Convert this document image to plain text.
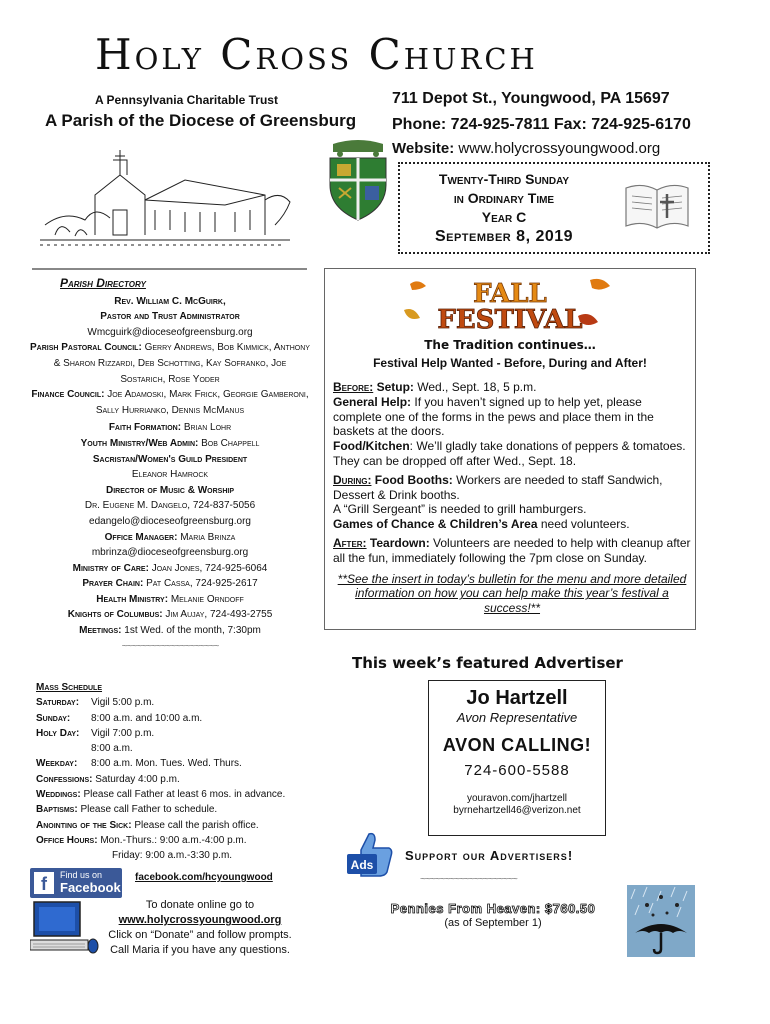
Holy Cross Church
A Pennsylvania Charitable Trust
A Parish of the Diocese of Greensburg
711 Depot St., Youngwood, PA 15697
Phone: 724-925-7811 Fax: 724-925-6170
Website: www.holycrossyoungwood.org
Twenty-Third Sunday
in Ordinary Time
Year C
September 8, 2019
Parish Directory
Rev. William C. McGuirk,
Pastor and Trust Administrator
Wmcguirk@dioceseofgreensburg.org
Parish Pastoral Council: Gerry Andrews, Bob Kimmick, Anthony & Sharon Rizzardi, Deb Schotting, Kay Sofranko, Joe Sostarich, Rose Yoder
Finance Council: Joe Adamoski, Mark Frick, Georgie Gamberoni, Sally Hurrianko, Dennis McManus
Faith Formation: Brian Lohr
Youth Ministry/Web Admin: Bob Chappell
Sacristan/Women's Guild President
Eleanor Hamrock
Director of Music & Worship
Dr. Eugene M. Dangelo, 724-837-5056
edangelo@dioceseofgreensburg.org
Office Manager: Maria Brinza
mbrinza@dioceseofgreensburg.org
Ministry of Care: Joan Jones, 724-925-6064
Prayer Chain: Pat Cassa, 724-925-2617
Health Ministry: Melanie Orndoff
Knights of Columbus: Jim Aujay, 724-493-2755
Meetings: 1st Wed. of the month, 7:30pm
~~~~~~~~~~~~~~~~~~~~
Mass Schedule
Saturday:	Vigil 5:00 p.m.
Sunday:	8:00 a.m. and 10:00 a.m.
Holy Day:	Vigil 7:00 p.m.
8:00 a.m.
Weekday:	8:00 a.m. Mon. Tues. Wed. Thurs.
Confessions: Saturday 4:00 p.m.
Weddings: Please call Father at least 6 mos. in advance.
Baptisms: Please call Father to schedule.
Anointing of the Sick: Please call the parish office.
Office Hours: Mon.-Thurs.: 9:00 a.m.-4:00 p.m.
Friday: 9:00 a.m.-3:30 p.m.
f	Find us on
Facebook
facebook.com/hcyoungwood
To donate online go to
www.holycrossyoungwood.org
Click on “Donate” and follow prompts.
Call Maria if you have any questions.
FALL
FESTIVAL
The Tradition continues…
Festival Help Wanted - Before, During and After!

Before: Setup: Wed., Sept. 18, 5 p.m.
General Help: If you haven’t signed up to help yet, please complete one of the forms in the pews and place them in the baskets at the doors.
Food/Kitchen: We’ll gladly take donations of peppers & tomatoes. They can be dropped off after Wed., Sept. 18.

During: Food Booths: Workers are needed to staff Sandwich, Dessert & Drink booths.
A “Grill Sergeant” is needed to grill hamburgers.
Games of Chance & Children’s Area need volunteers.

After: Teardown: Volunteers are needed to help with cleanup after all the fun, immediately following the 7pm close on Sunday.

**See the insert in today’s bulletin for the menu and more detailed information on how you can help make this year’s festival a success!**

This week’s featured Advertiser
Jo Hartzell
Avon Representative
AVON CALLING!
724-600-5588
youravon.com/jhartzell
byrnehartzell46@verizon.net
Ads
Support our Advertisers!
~~~~~~~~~~~~~~~~~~~~
Pennies From Heaven: $760.50
(as of September 1)
